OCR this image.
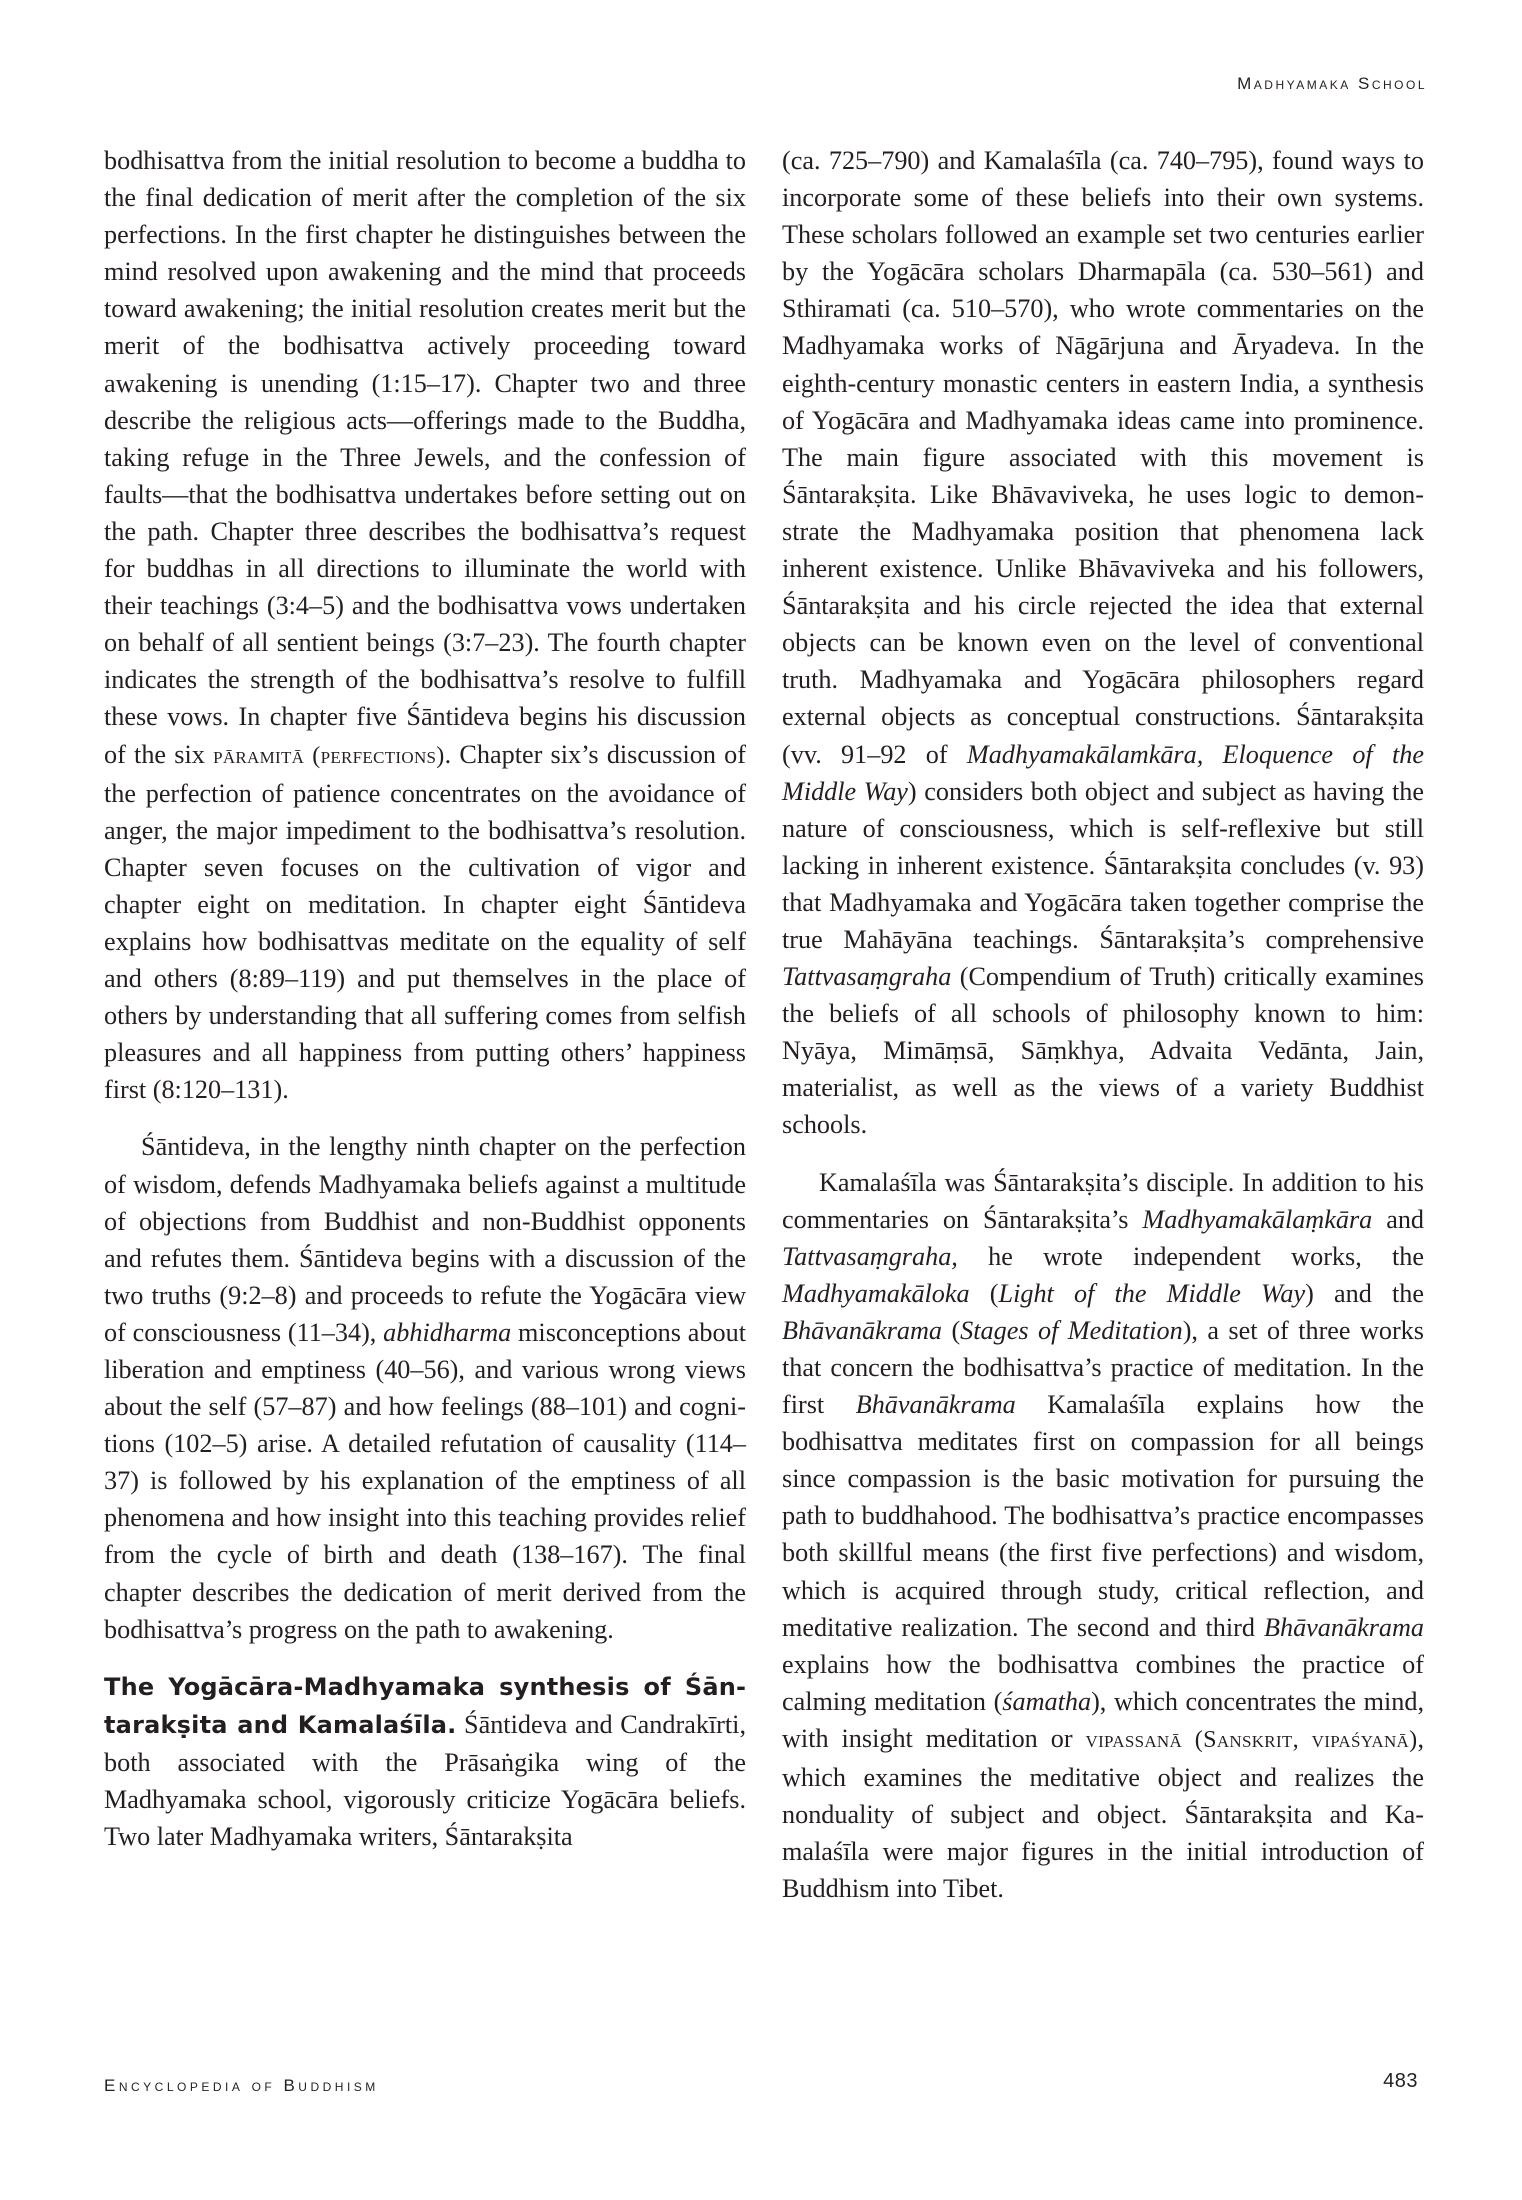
Madhyamaka School

bodhisattva from the initial resolution to become a buddha to the final dedication of merit after the completion of the six perfections. In the first chapter he distinguishes between the mind resolved upon awakening and the mind that proceeds toward awakening; the initial resolution creates merit but the merit of the bodhisattva actively proceeding toward awakening is unending (1:15–17). Chapter two and three describe the religious acts—offerings made to the Buddha, taking refuge in the Three Jewels, and the confession of faults—that the bodhisattva undertakes before setting out on the path. Chapter three describes the bodhisattva’s request for buddhas in all directions to illuminate the world with their teachings (3:4–5) and the bodhisattva vows undertaken on behalf of all sentient beings (3:7–23). The fourth chapter indicates the strength of the bodhisattva’s resolve to fulfill these vows. In chapter five Śāntideva begins his discussion of the six pāramitā (perfections). Chapter six’s discussion of the perfection of patience concentrates on the avoidance of anger, the major impediment to the bodhisattva’s resolution. Chapter seven focuses on the cultivation of vigor and chapter eight on meditation. In chapter eight Śāntideva explains how bodhisattvas meditate on the equality of self and others (8:89–119) and put themselves in the place of others by understanding that all suffering comes from selfish pleasures and all happiness from putting others’ happiness first (8:120–131).

Śāntideva, in the lengthy ninth chapter on the perfection of wisdom, defends Madhyamaka beliefs against a multitude of objections from Buddhist and non-Buddhist opponents and refutes them. Śāntideva begins with a discussion of the two truths (9:2–8) and proceeds to refute the Yogācāra view of consciousness (11–34), abhidharma misconceptions about liberation and emptiness (40–56), and various wrong views about the self (57–87) and how feelings (88–101) and cognitions (102–5) arise. A detailed refutation of causality (114–37) is followed by his explanation of the emptiness of all phenomena and how insight into this teaching provides relief from the cycle of birth and death (138–167). The final chapter describes the dedication of merit derived from the bodhisattva’s progress on the path to awakening.

The Yogācāra-Madhyamaka synthesis of Śāntarakṣita and Kamalaśīla. Śāntideva and Candrakīrti, both associated with the Prāsaṅgika wing of the Madhyamaka school, vigorously criticize Yogācāra beliefs. Two later Madhyamaka writers, Śāntarakṣita

(ca. 725–790) and Kamalaśīla (ca. 740–795), found ways to incorporate some of these beliefs into their own systems. These scholars followed an example set two centuries earlier by the Yogācāra scholars Dharmapāla (ca. 530–561) and Sthiramati (ca. 510–570), who wrote commentaries on the Madhyamaka works of Nāgārjuna and Āryadeva. In the eighth-century monastic centers in eastern India, a synthesis of Yogācāra and Madhyamaka ideas came into prominence. The main figure associated with this movement is Śāntarakṣita. Like Bhāvaviveka, he uses logic to demonstrate the Madhyamaka position that phenomena lack inherent existence. Unlike Bhāvaviveka and his followers, Śāntarakṣita and his circle rejected the idea that external objects can be known even on the level of conventional truth. Madhyamaka and Yogācāra philosophers regard external objects as conceptual constructions. Śāntarakṣita (vv. 91–92 of Madhyamakālamkāra, Eloquence of the Middle Way) considers both object and subject as having the nature of consciousness, which is self-reflexive but still lacking in inherent existence. Śāntarakṣita concludes (v. 93) that Madhyamaka and Yogācāra taken together comprise the true Mahāyāna teachings. Śāntarakṣita’s comprehensive Tattvasaṃgraha (Compendium of Truth) critically examines the beliefs of all schools of philosophy known to him: Nyāya, Mimāṃsā, Sāṃkhya, Advaita Vedānta, Jain, materialist, as well as the views of a variety Buddhist schools.

Kamalaśīla was Śāntarakṣita’s disciple. In addition to his commentaries on Śāntarakṣita’s Madhyamakālaṃkāra and Tattvasaṃgraha, he wrote independent works, the Madhyamakāloka (Light of the Middle Way) and the Bhāvanākrama (Stages of Meditation), a set of three works that concern the bodhisattva’s practice of meditation. In the first Bhāvanākrama Kamalaśīla explains how the bodhisattva meditates first on compassion for all beings since compassion is the basic motivation for pursuing the path to buddhahood. The bodhisattva’s practice encompasses both skillful means (the first five perfections) and wisdom, which is acquired through study, critical reflection, and meditative realization. The second and third Bhāvanākrama explains how the bodhisattva combines the practice of calming meditation (śamatha), which concentrates the mind, with insight meditation or vipassanā (Sanskrit, vipaśyanā), which examines the meditative object and realizes the nonduality of subject and object. Śāntarakṣita and Kamalaśīla were major figures in the initial introduction of Buddhism into Tibet.

Encyclopedia of Buddhism	483
